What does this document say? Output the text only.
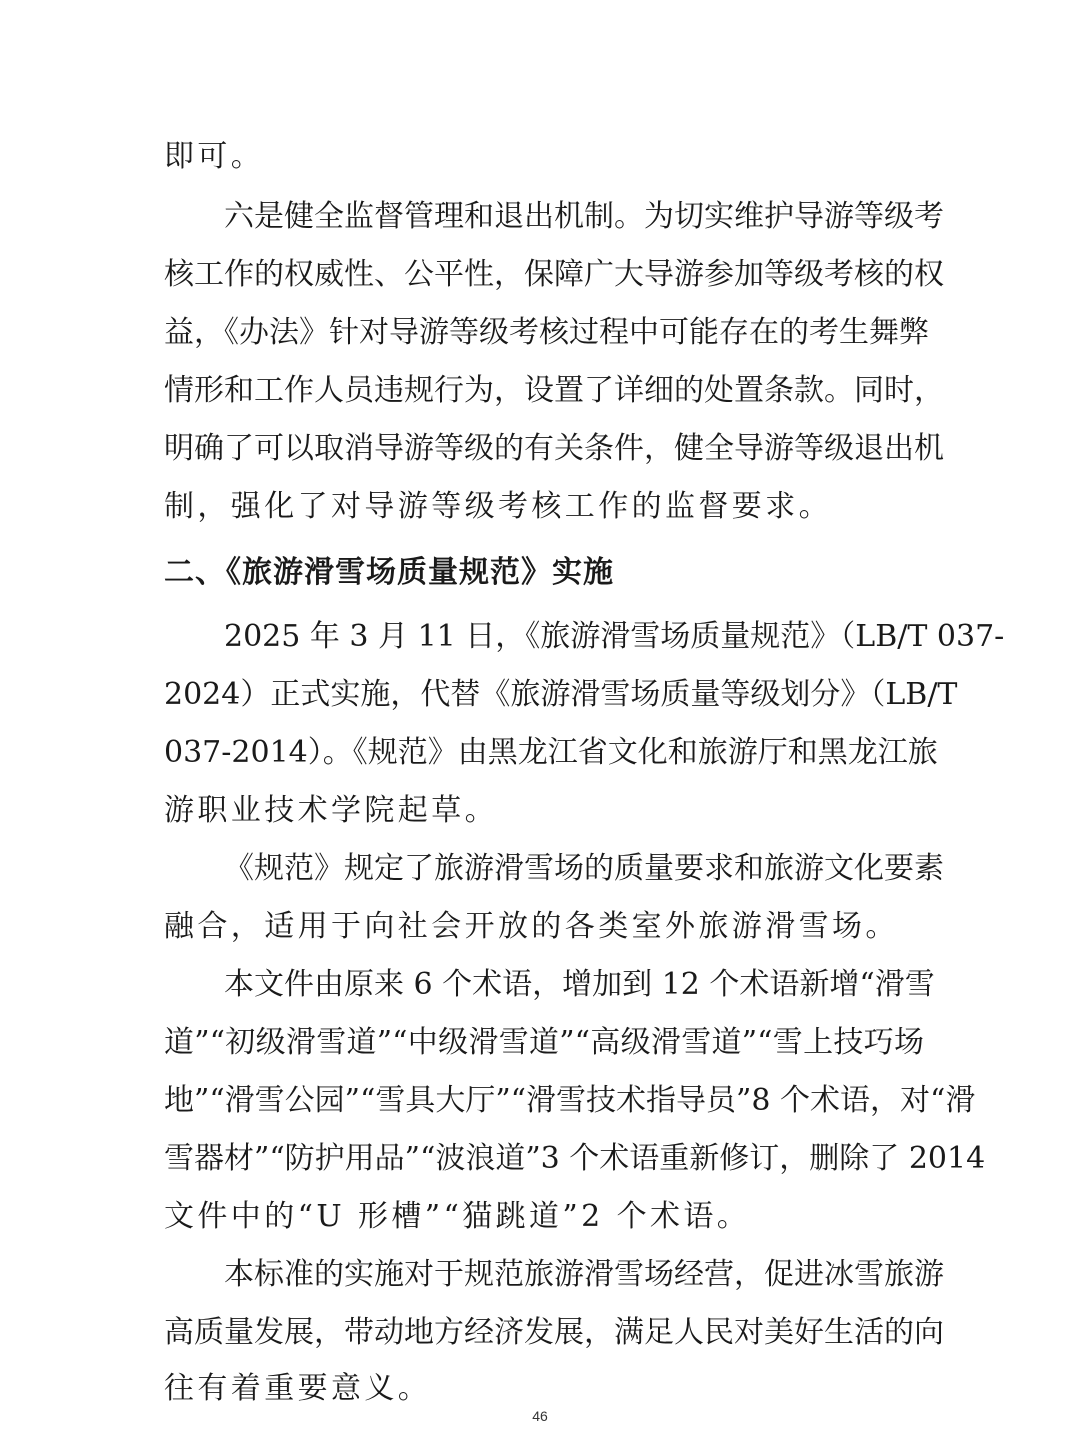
即可。
六是健全监督管理和退出机制。为切实维护导游等级考
核工作的权威性、公平性，保障广大导游参加等级考核的权
益，《办法》针对导游等级考核过程中可能存在的考生舞弊
情形和工作人员违规行为，设置了详细的处置条款。同时，
明确了可以取消导游等级的有关条件，健全导游等级退出机
制，强化了对导游等级考核工作的监督要求。
二、《旅游滑雪场质量规范》实施
2025 年 3 月 11 日，《旅游滑雪场质量规范》（LB/T 037-
2024）正式实施，代替《旅游滑雪场质量等级划分》（LB/T
037-2014）。《规范》由黑龙江省文化和旅游厅和黑龙江旅
游职业技术学院起草。
《规范》规定了旅游滑雪场的质量要求和旅游文化要素
融合，适用于向社会开放的各类室外旅游滑雪场。
本文件由原来 6 个术语，增加到 12 个术语新增“滑雪
道”“初级滑雪道”“中级滑雪道”“高级滑雪道”“雪上技巧场
地”“滑雪公园”“雪具大厅”“滑雪技术指导员”8 个术语，对“滑
雪器材”“防护用品”“波浪道”3 个术语重新修订，删除了 2014
文件中的“U 形槽”“猫跳道”2 个术语。
本标准的实施对于规范旅游滑雪场经营，促进冰雪旅游
高质量发展，带动地方经济发展，满足人民对美好生活的向
往有着重要意义。
46
